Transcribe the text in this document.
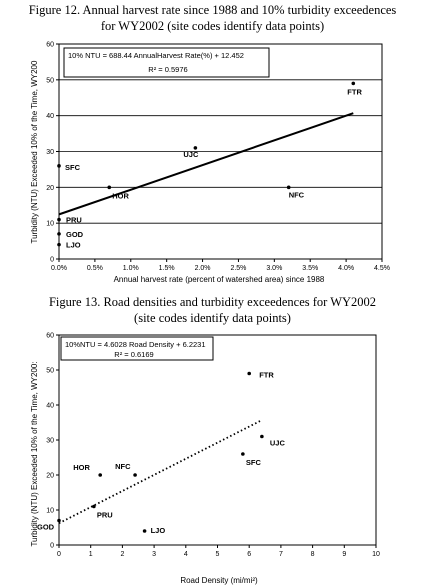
Figure 12. Annual harvest rate since 1988 and 10% turbidity exceedences
for WY2002 (site codes identify data points)
Turbidity (NTU) Exceeded 10% of the Time, WY200
Annual harvest rate (percent of watershed area) since 1988
10% NTU = 688.44 AnnualHarvest Rate(%) + 12.452
R² = 0.5976
0
10
20
30
40
50
60
0.0%	0.5%	1.0%	1.5%	2.0%	2.5%	3.0%	3.5%	4.0%	4.5%
FTR
UJC
SFC
HOR	NFC
PRU
GOD
LJO
Figure 13. Road densities and turbidity exceedences for WY2002
(site codes identify data points)
Turbidity (NTU) Exceeded 10% of the Time, WY200:
Road Density (mi/mi²)
10%NTU = 4.6028 Road Density + 6.2231
R² = 0.6169
0
10
20
30
40
50
60
0	1	2	3	4	5	6	7	8	9	10
FTR
UJC
SFC
HOR	NFC
PRU
GOD	LJO
